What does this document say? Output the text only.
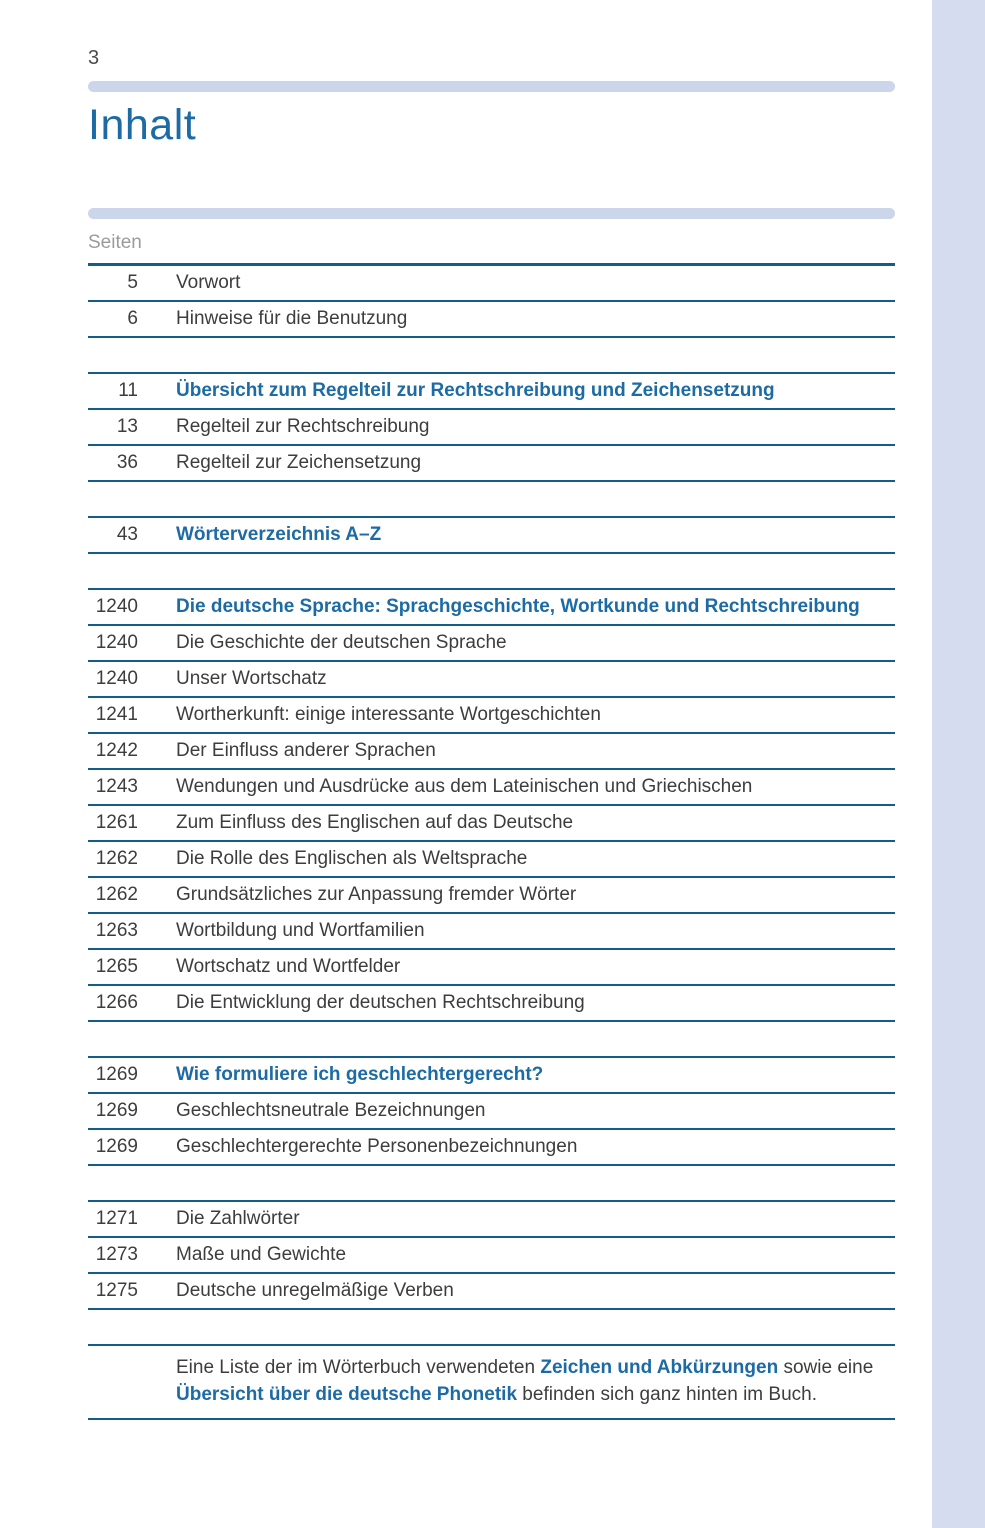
3
Inhalt
Seiten
5 Vorwort
6 Hinweise für die Benutzung
11 Übersicht zum Regelteil zur Rechtschreibung und Zeichensetzung
13 Regelteil zur Rechtschreibung
36 Regelteil zur Zeichensetzung
43 Wörterverzeichnis A–Z
1240 Die deutsche Sprache: Sprachgeschichte, Wortkunde und Rechtschreibung
1240 Die Geschichte der deutschen Sprache
1240 Unser Wortschatz
1241 Wortherkunft: einige interessante Wortgeschichten
1242 Der Einfluss anderer Sprachen
1243 Wendungen und Ausdrücke aus dem Lateinischen und Griechischen
1261 Zum Einfluss des Englischen auf das Deutsche
1262 Die Rolle des Englischen als Weltsprache
1262 Grundsätzliches zur Anpassung fremder Wörter
1263 Wortbildung und Wortfamilien
1265 Wortschatz und Wortfelder
1266 Die Entwicklung der deutschen Rechtschreibung
1269 Wie formuliere ich geschlechtergerecht?
1269 Geschlechtsneutrale Bezeichnungen
1269 Geschlechtergerechte Personenbezeichnungen
1271 Die Zahlwörter
1273 Maße und Gewichte
1275 Deutsche unregelmäßige Verben
Eine Liste der im Wörterbuch verwendeten Zeichen und Abkürzungen sowie eine Übersicht über die deutsche Phonetik befinden sich ganz hinten im Buch.
